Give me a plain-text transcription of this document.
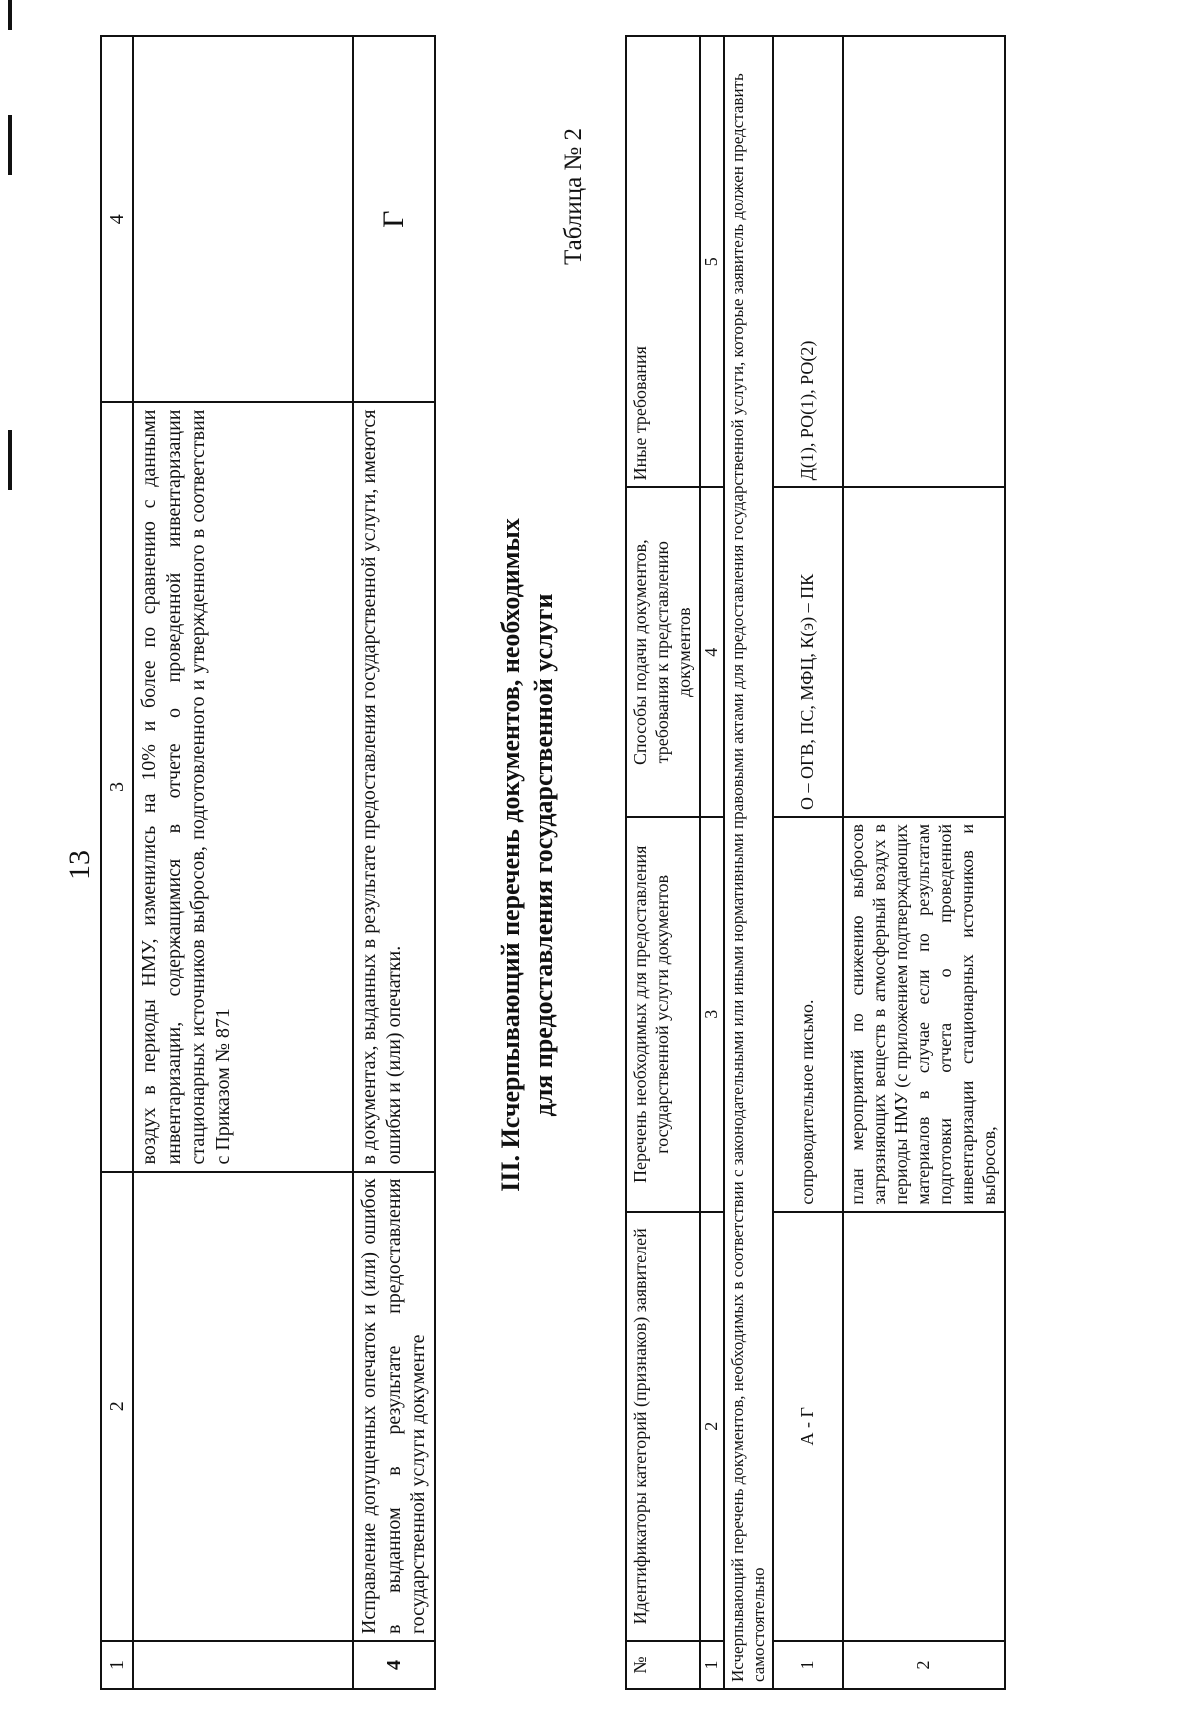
13
1	2	3	4
		воздух в периоды НМУ, изменились на 10% и более по сравнению с данными инвентаризации, содержащимися в отчете о проведенной инвентаризации стационарных источников выбросов, подготовленного и утвержденного в соответствии с Приказом № 871	
4	Исправление допущенных опечаток и (или) ошибок в выданном в результате предоставления государственной услуги документе	в документах, выданных в результате предоставления государственной услуги, имеются ошибки и (или) опечатки.	Г
III. Исчерпывающий перечень документов, необходимых для предоставления государственной услуги
Таблица № 2
№	Идентификаторы категорий (признаков) заявителей	Перечень необходимых для предоставления государственной услуги документов	Способы подачи документов, требования к представлению документов	Иные требования
1	2	3	4	5
Исчерпывающий перечень документов, необходимых в соответствии с законодательными или иными нормативными правовыми актами для предоставления государственной услуги, которые заявитель должен представить самостоятельно				
1	А - Г	сопроводительное письмо.	О – ОГВ, ПС, МФЦ, К(э) – ПК	Д(1), РО(1), РО(2)
2		план мероприятий по снижению выбросов загрязняющих веществ в атмосферный воздух в периоды НМУ (с приложением подтверждающих материалов в случае если по результатам подготовки отчета о проведенной инвентаризации стационарных источников и выбросов,		
